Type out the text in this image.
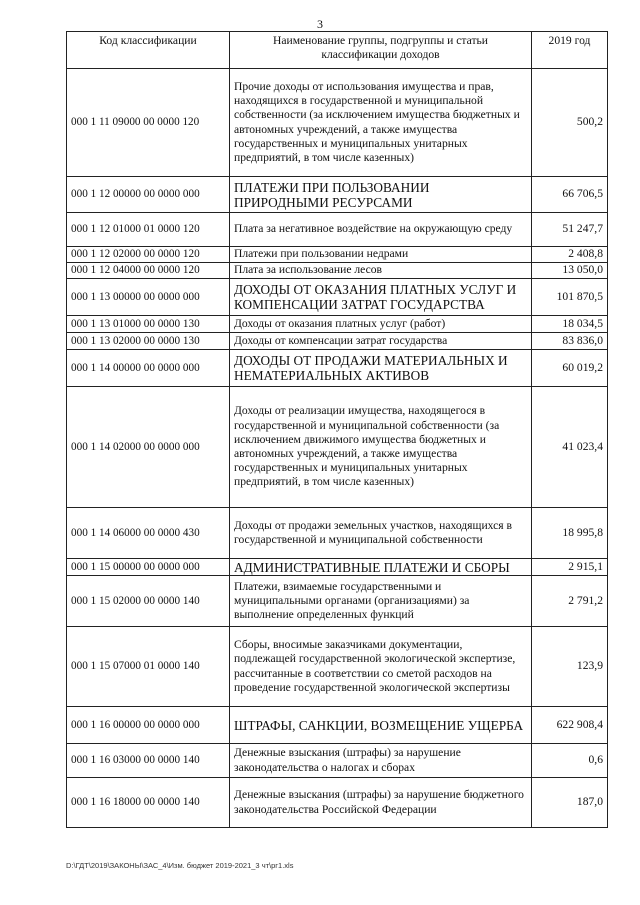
3
Код классификации	Наименование группы, подгруппы и статьи классификации доходов	2019 год
000 1 11 09000 00 0000 120	Прочие доходы от использования имущества и прав, находящихся в государственной и муниципальной собственности (за исключением имущества бюджетных и автономных учреждений, а также имущества государственных и муниципальных унитарных предприятий, в том числе казенных)	500,2
000 1 12 00000 00 0000 000	ПЛАТЕЖИ ПРИ ПОЛЬЗОВАНИИ ПРИРОДНЫМИ РЕСУРСАМИ	66 706,5
000 1 12 01000 01 0000 120	Плата за негативное воздействие на окружающую среду	51 247,7
000 1 12 02000 00 0000 120	Платежи при пользовании недрами	2 408,8
000 1 12 04000 00 0000 120	Плата за использование лесов	13 050,0
000 1 13 00000 00 0000 000	ДОХОДЫ ОТ ОКАЗАНИЯ ПЛАТНЫХ УСЛУГ И КОМПЕНСАЦИИ ЗАТРАТ ГОСУДАРСТВА	101 870,5
000 1 13 01000 00 0000 130	Доходы от оказания платных услуг (работ)	18 034,5
000 1 13 02000 00 0000 130	Доходы от компенсации затрат государства	83 836,0
000 1 14 00000 00 0000 000	ДОХОДЫ ОТ ПРОДАЖИ МАТЕРИАЛЬНЫХ И НЕМАТЕРИАЛЬНЫХ АКТИВОВ	60 019,2
000 1 14 02000 00 0000 000	Доходы от реализации имущества, находящегося в государственной и муниципальной собственности (за исключением движимого имущества бюджетных и автономных учреждений, а также имущества государственных и муниципальных унитарных предприятий, в том числе казенных)	41 023,4
000 1 14 06000 00 0000 430	Доходы от продажи земельных участков, находящихся в государственной и муниципальной собственности	18 995,8
000 1 15 00000 00 0000 000	АДМИНИСТРАТИВНЫЕ ПЛАТЕЖИ И СБОРЫ	2 915,1
000 1 15 02000 00 0000 140	Платежи, взимаемые государственными и муниципальными органами (организациями) за выполнение определенных функций	2 791,2
000 1 15 07000 01 0000 140	Сборы, вносимые заказчиками документации, подлежащей государственной экологической экспертизе, рассчитанные в соответствии со сметой расходов на проведение государственной экологической экспертизы	123,9
000 1 16 00000 00 0000 000	ШТРАФЫ, САНКЦИИ, ВОЗМЕЩЕНИЕ УЩЕРБА	622 908,4
000 1 16 03000 00 0000 140	Денежные взыскания (штрафы) за нарушение законодательства о налогах и сборах	0,6
000 1 16 18000 00 0000 140	Денежные взыскания (штрафы) за нарушение бюджетного законодательства Российской Федерации	187,0
D:\ГДТ\2019\ЗАКОНЫ\ЗАС_4\Изм. бюджет 2019-2021_3 чт\рг1.xls
